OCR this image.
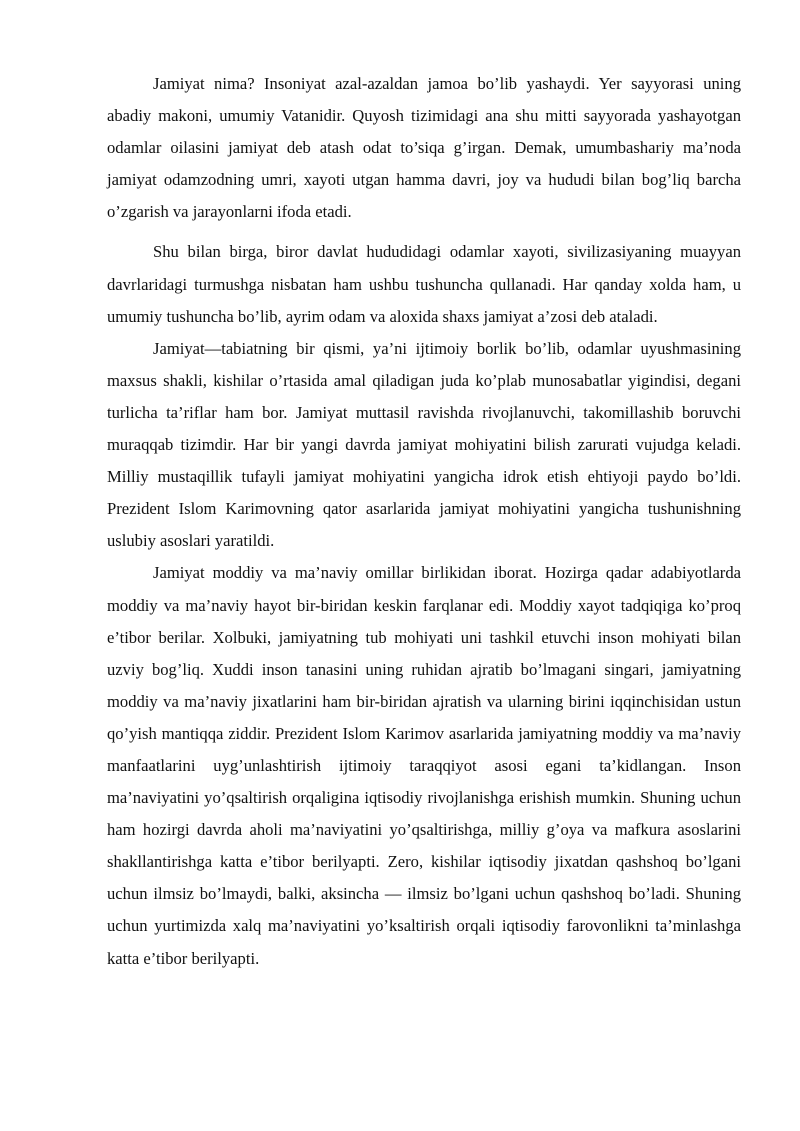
Jamiyat nima? Insoniyat azal-azaldan jamoa bo’lib yashaydi. Yer sayyorasi uning abadiy makoni, umumiy Vatanidir. Quyosh tizimidagi ana shu mitti sayyorada yashayotgan odamlar oilasini jamiyat deb atash odat to’siqa g’irgan. Demak, umumbashariy ma’noda jamiyat odamzodning umri, xayoti utgan hamma davri, joy va hududi bilan bog’liq barcha o’zgarish va jarayonlarni ifoda etadi.

Shu bilan birga, biror davlat hududidagi odamlar xayoti, sivilizasiyaning muayyan davrlaridagi turmushga nisbatan ham ushbu tushuncha qullanadi. Har qanday xolda ham, u umumiy tushuncha bo’lib, ayrim odam va aloxida shaxs jamiyat a’zosi deb ataladi.

Jamiyat—tabiatning bir qismi, ya’ni ijtimoiy borlik bo’lib, odamlar uyushmasining maxsus shakli, kishilar o’rtasida amal qiladigan juda ko’plab munosabatlar yigindisi, degani turlicha ta’riflar ham bor. Jamiyat muttasil ravishda rivojlanuvchi, takomillashib boruvchi muraqqab tizimdir. Har bir yangi davrda jamiyat mohiyatini bilish zarurati vujudga keladi. Milliy mustaqillik tufayli jamiyat mohiyatini yangicha idrok etish ehtiyoji paydo bo’ldi. Prezident Islom Karimovning qator asarlarida jamiyat mohiyatini yangicha tushunishning uslubiy asoslari yaratildi.

Jamiyat moddiy va ma’naviy omillar birlikidan iborat. Hozirga qadar adabiyotlarda moddiy va ma’naviy hayot bir-biridan keskin farqlanar edi. Moddiy xayot tadqiqiga ko’proq e’tibor berilar. Xolbuki, jamiyatning tub mohiyati uni tashkil etuvchi inson mohiyati bilan uzviy bog’liq. Xuddi inson tanasini uning ruhidan ajratib bo’lmagani singari, jamiyatning moddiy va ma’naviy jixatlarini ham bir-biridan ajratish va ularning birini iqqinchisidan ustun qo’yish mantiqqa ziddir. Prezident Islom Karimov asarlarida jamiyatning moddiy va ma’naviy manfaatlarini uyg’unlashtirish ijtimoiy taraqqiyot asosi egani ta’kidlangan. Inson ma’naviyatini yo’qsaltirish orqaligina iqtisodiy rivojlanishga erishish mumkin. Shuning uchun ham hozirgi davrda aholi ma’naviyatini yo’qsaltirishga, milliy g’oya va mafkura asoslarini shakllantirishga katta e’tibor berilyapti. Zero, kishilar iqtisodiy jixatdan qashshoq bo’lgani uchun ilmsiz bo’lmaydi, balki, aksincha — ilmsiz bo’lgani uchun qashshoq bo’ladi. Shuning uchun yurtimizda xalq ma’naviyatini yo’ksaltirish orqali iqtisodiy farovonlikni ta’minlashga katta e’tibor berilyapti.
